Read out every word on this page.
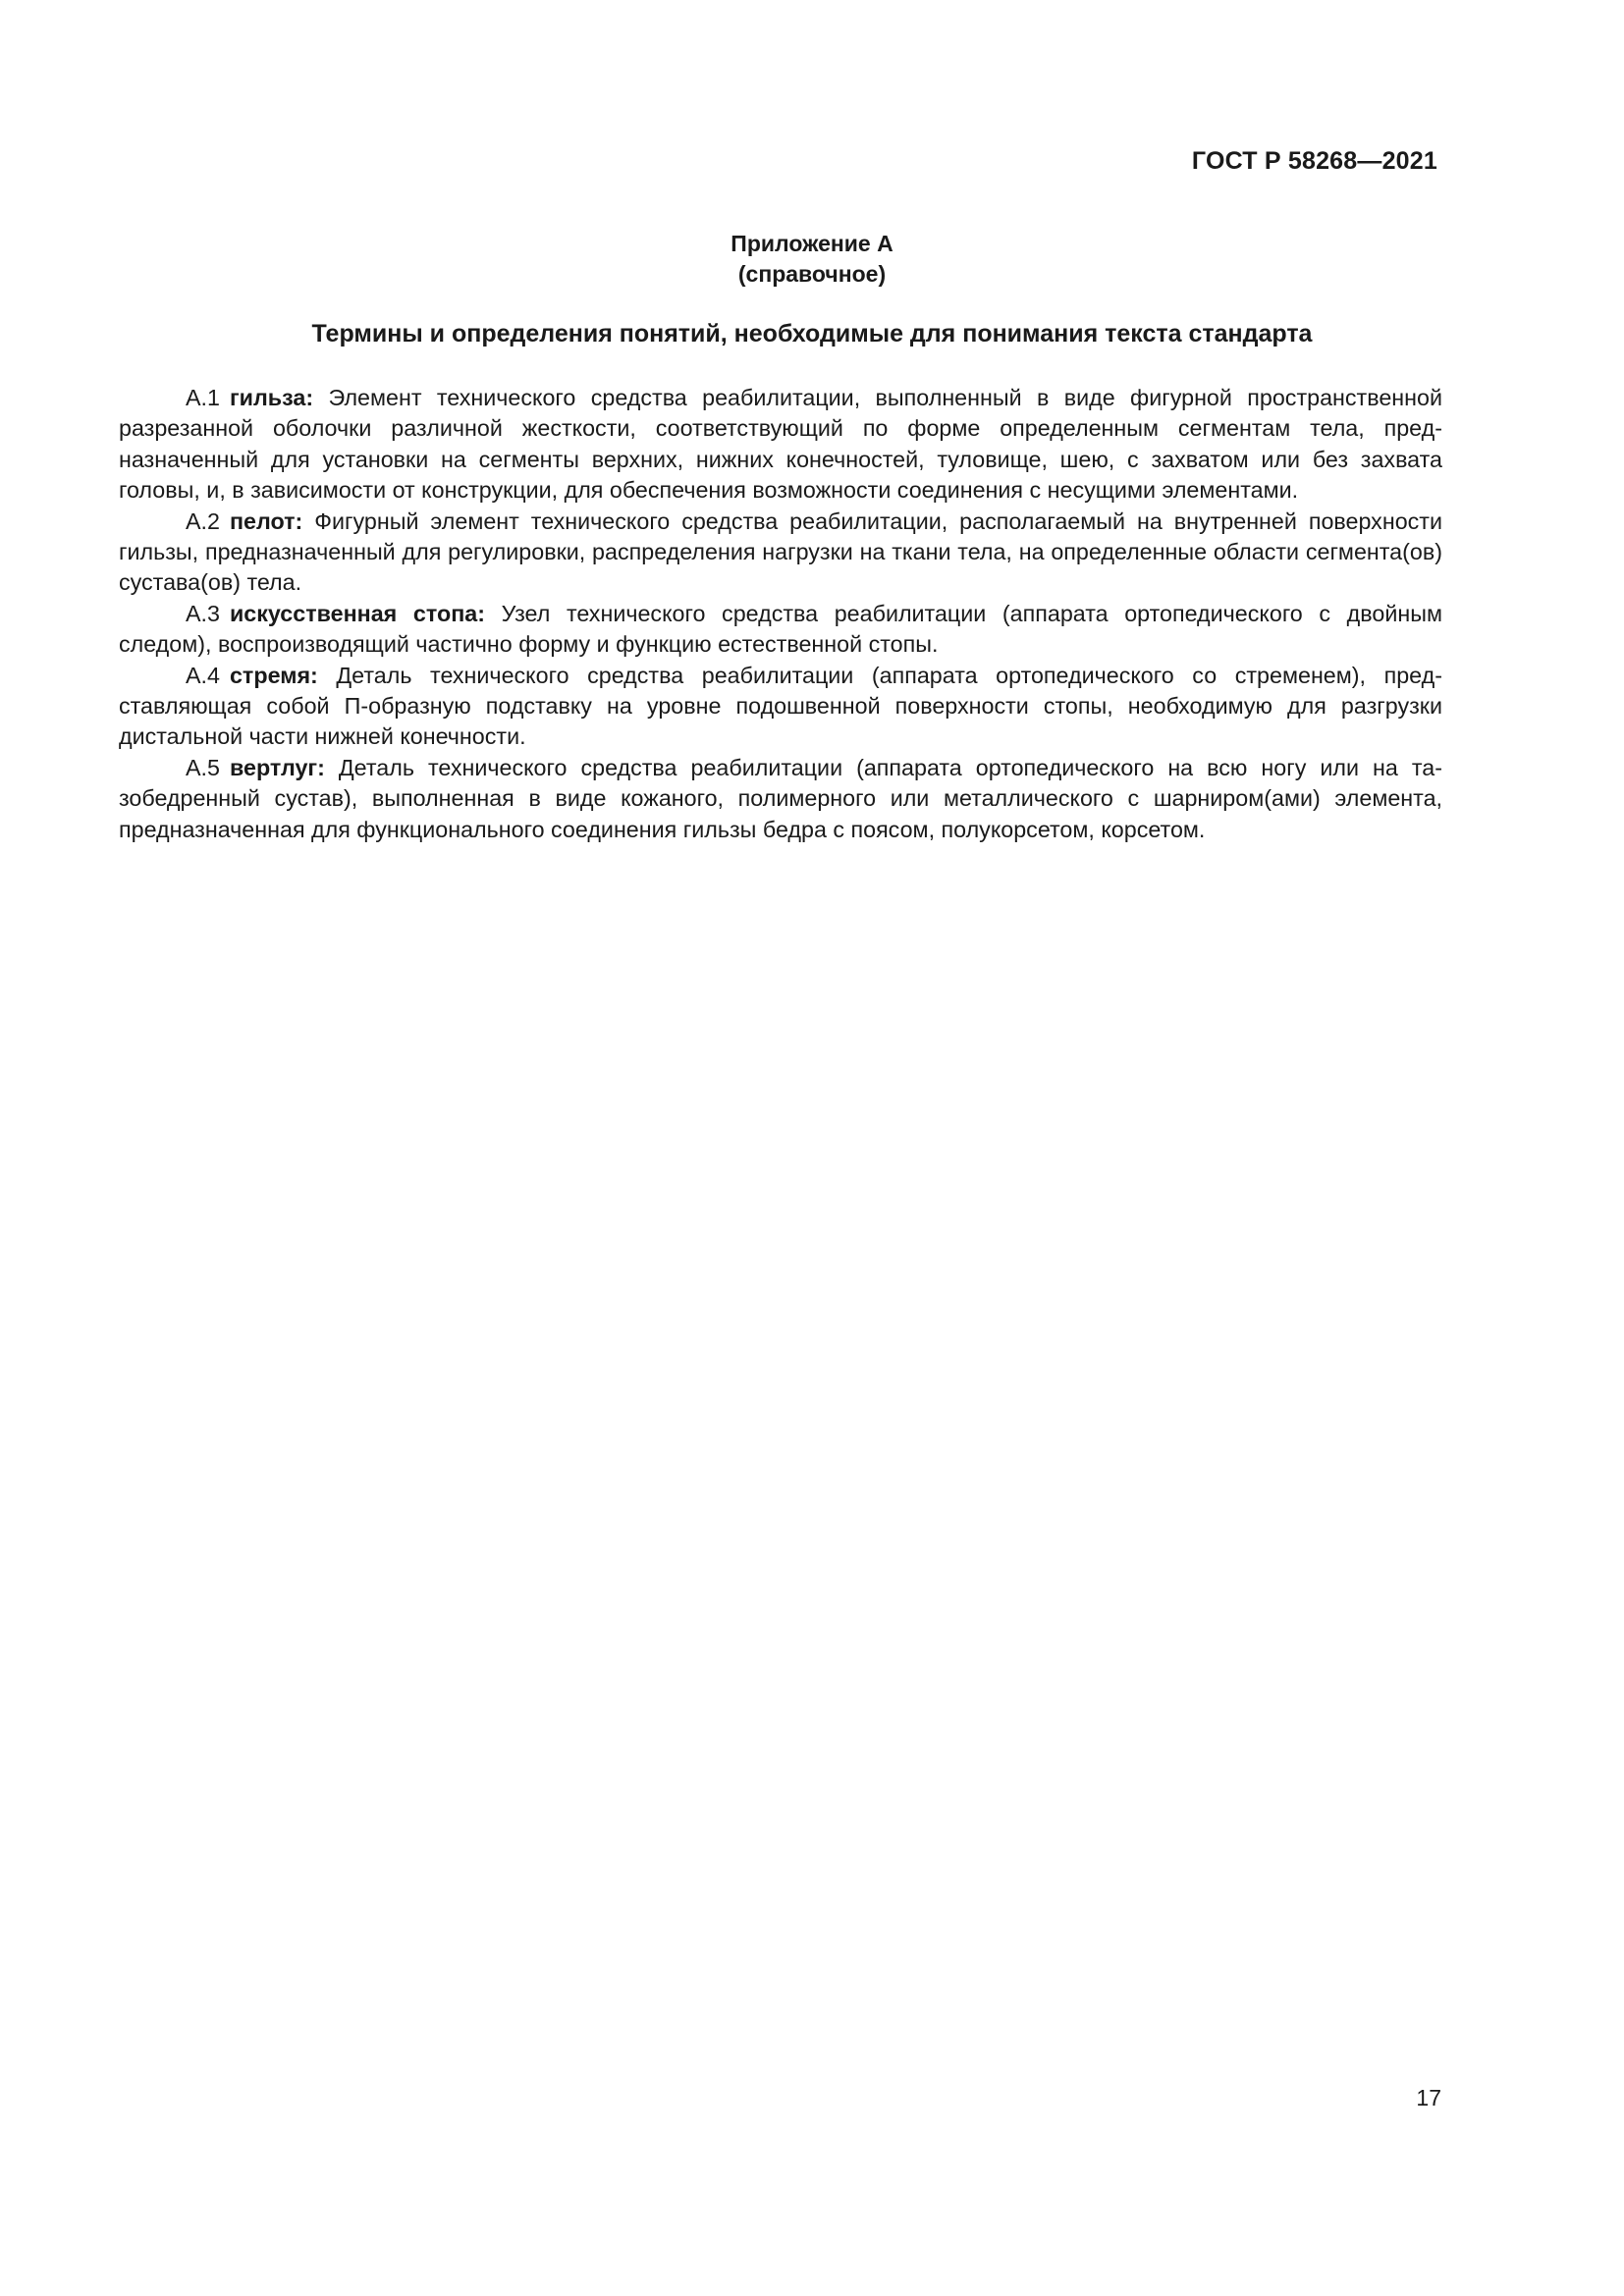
ГОСТ Р 58268—2021
Приложение А
(справочное)
Термины и определения понятий, необходимые для понимания текста стандарта

А.1 гильза: Элемент технического средства реабилитации, выполненный в виде фигурной пространственной разрезанной оболочки различной жесткости, соответствующий по форме определенным сегментам тела, предназначенный для установки на сегменты верхних, нижних конечностей, туловище, шею, с захватом или без захвата головы, и, в зависимости от конструкции, для обеспечения возможности соединения с несущими элементами.

А.2 пелот: Фигурный элемент технического средства реабилитации, располагаемый на внутренней поверхности гильзы, предназначенный для регулировки, распределения нагрузки на ткани тела, на определенные области сегмента(ов) сустава(ов) тела.

А.3 искусственная стопа: Узел технического средства реабилитации (аппарата ортопедического с двойным следом), воспроизводящий частично форму и функцию естественной стопы.

А.4 стремя: Деталь технического средства реабилитации (аппарата ортопедического со стременем), представляющая собой П-образную подставку на уровне подошвенной поверхности стопы, необходимую для разгрузки дистальной части нижней конечности.

А.5 вертлуг: Деталь технического средства реабилитации (аппарата ортопедического на всю ногу или на тазобедренный сустав), выполненная в виде кожаного, полимерного или металлического с шарниром(ами) элемента, предназначенная для функционального соединения гильзы бедра с поясом, полукорсетом, корсетом.

17
